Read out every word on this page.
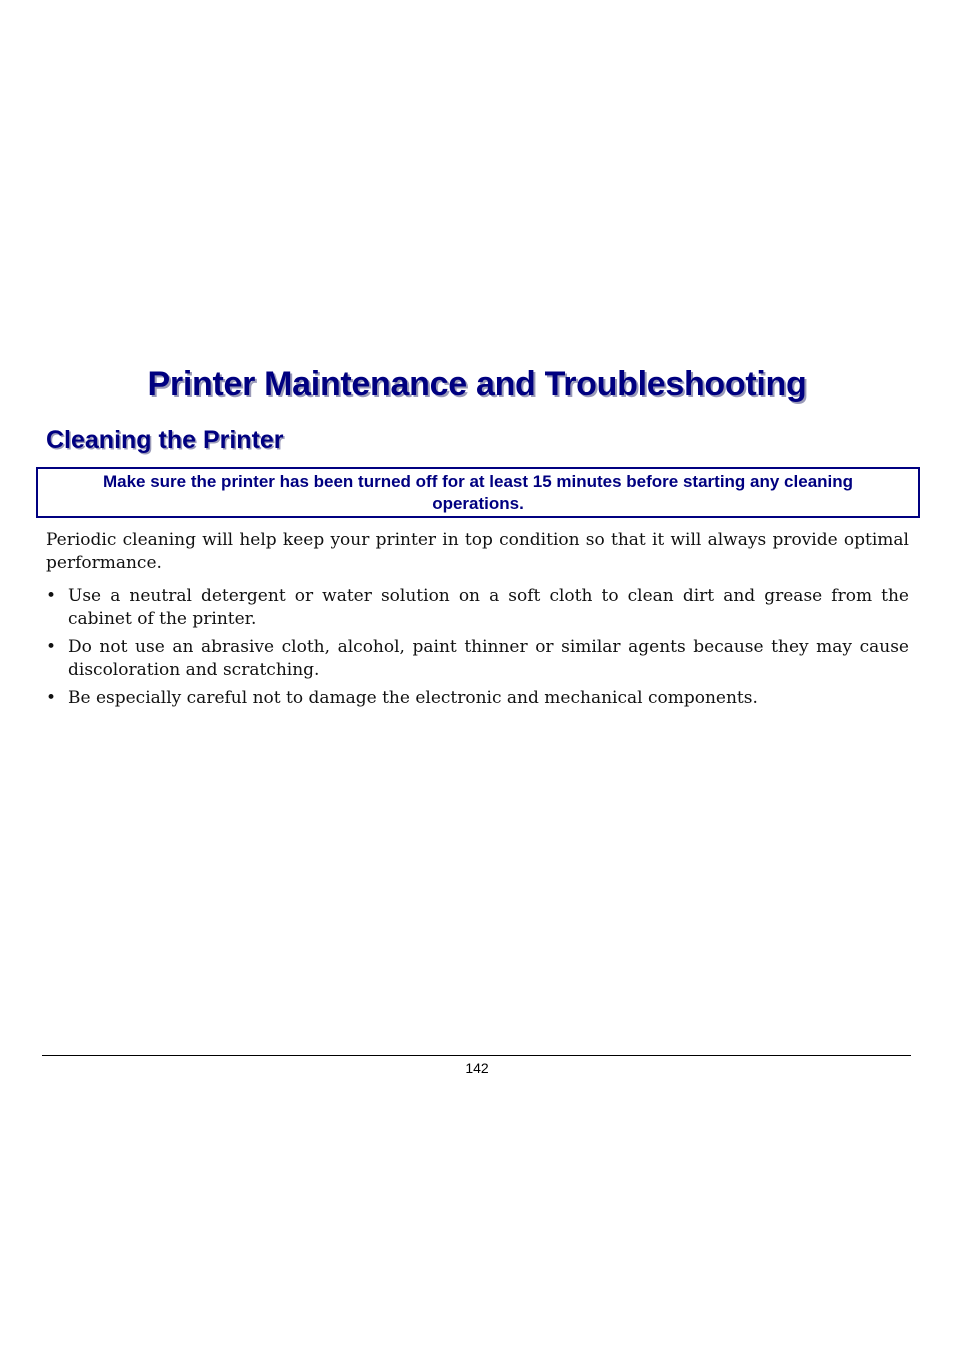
Printer Maintenance and Troubleshooting
Cleaning the Printer
Make sure the printer has been turned off for at least 15 minutes before starting any cleaning operations.

Periodic cleaning will help keep your printer in top condition so that it will always provide optimal performance.

• Use a neutral detergent or water solution on a soft cloth to clean dirt and grease from the cabinet of the printer.
• Do not use an abrasive cloth, alcohol, paint thinner or similar agents because they may cause discoloration and scratching.
• Be especially careful not to damage the electronic and mechanical components.
142
